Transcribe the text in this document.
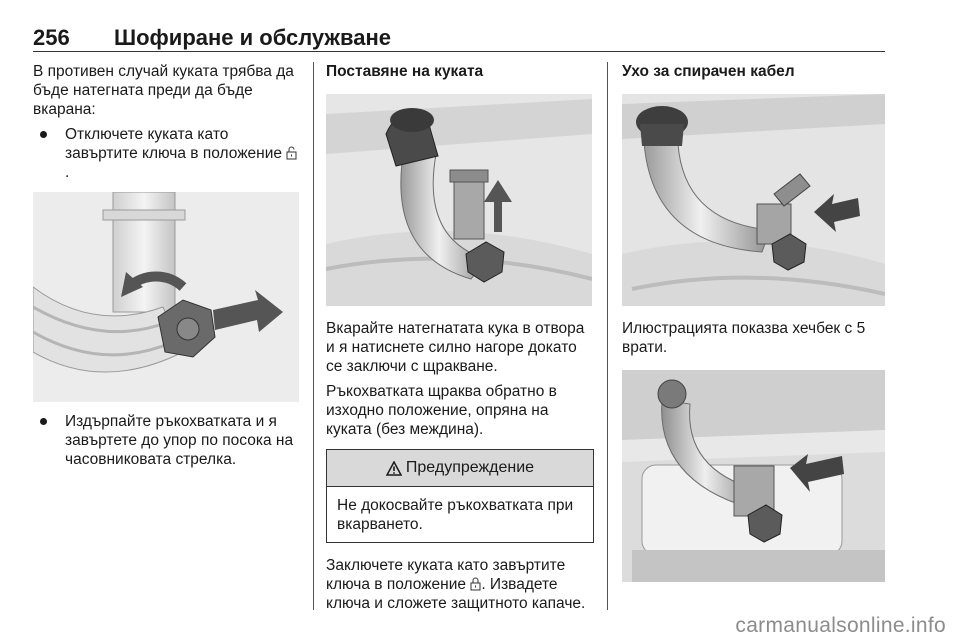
256 Шофиране и обслужване

В противен случай куката трябва да бъде натегната преди да бъде вкарана:

Отключете куката като завъртите ключа в положение .
Издърпайте ръкохватката и я завъртете до упор по посока на часовниковата стрелка.
Поставяне на куката

Вкарайте натегнатата кука в отвора и я натиснете силно нагоре докато се заключи с щракване.

Ръкохватката щраква обратно в изходно положение, опряна на куката (без междина).

Предупреждение
Не докосвайте ръкохватката при вкарването.

Заключете куката като завъртите ключа в положение . Извадете ключа и сложете защитното капаче.

Ухо за спирачен кабел

Илюстрацията показва хечбек с 5 врати.

carmanualsonline.info
